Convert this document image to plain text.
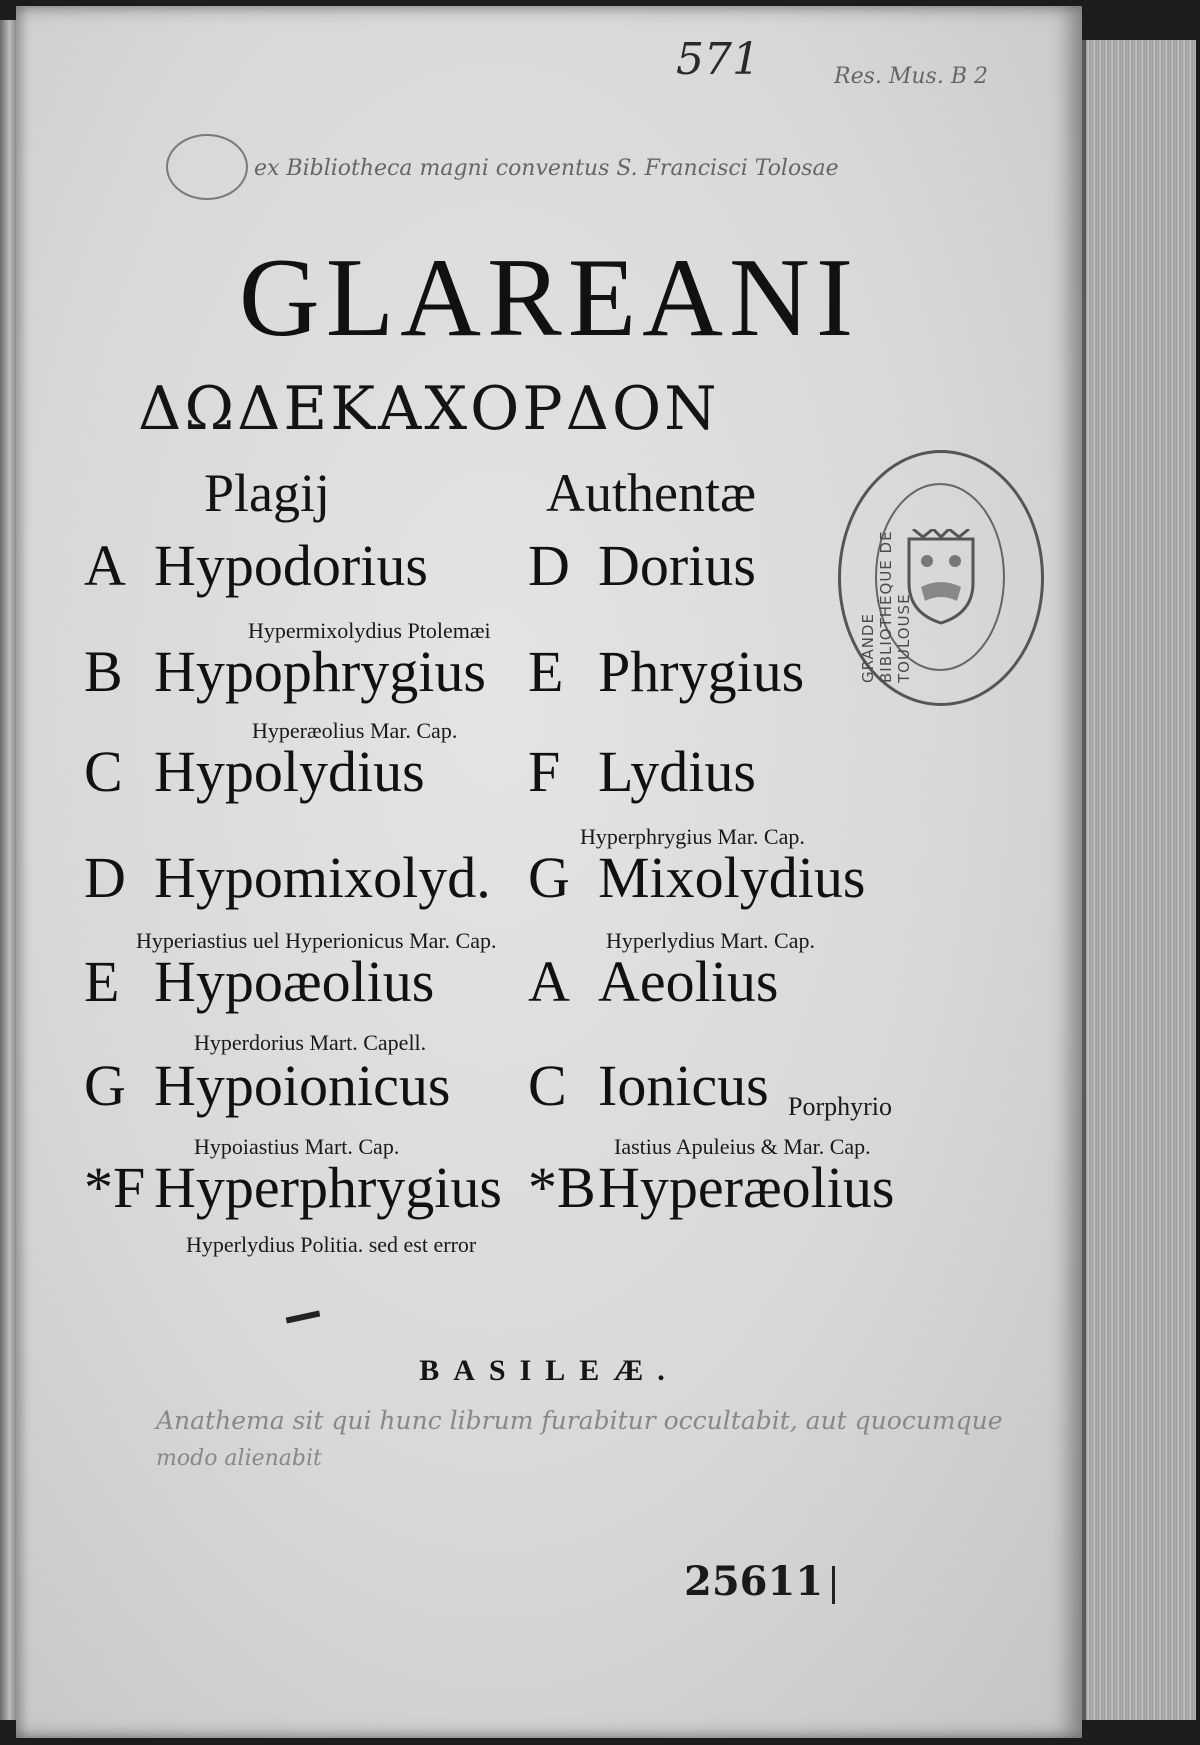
571	Res. Mus. B 2
ex Bibliotheca magni conventus S. Francisci Tolosae
GLAREANI
ΔΩΔΕΚΑΧΟΡΔΟΝ
Plagij	Authentæ
A Hypodorius D Dorius
Hypermixolydius Ptolemæi
B Hypophrygius E Phrygius
Hyperæolius Mar. Cap.
C Hypolydius F Lydius
Hyperphrygius Mar. Cap.
D Hypomixolyd. G Mixolydius
Hyperiastius uel Hyperionicus Mar. Cap.	Hyperlydius Mart. Cap.
E Hypoæolius A Aeolius
Hyperdorius Mart. Capell.
G Hypoionicus C Ionicus Porphyrio
Hypoiastius Mart. Cap.	Iastius Apuleius & Mar. Cap.
*F Hyperphrygius *BHyperæolius
Hyperlydius Politia. sed est error
GRANDE BIBLIOTHÈQUE DE TOULOUSE
BASILEÆ.
Anathema sit qui hunc librum furabitur occultabit, aut quocumque
modo alienabit
25611
